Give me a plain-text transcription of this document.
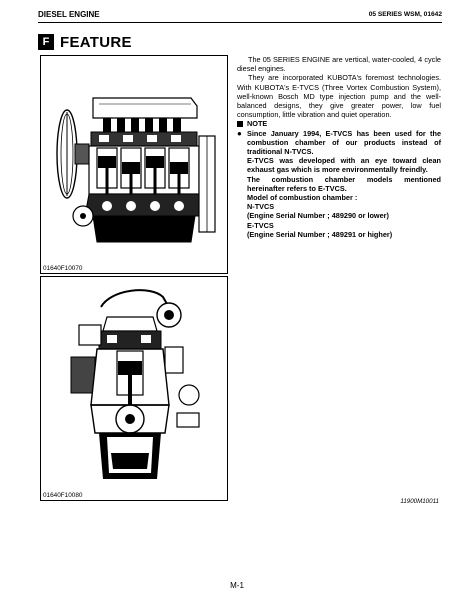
DIESEL ENGINE	05 SERIES WSM, 01642
F FEATURE
01640F10070
01640F10080

The 05 SERIES ENGINE are vertical, water-cooled, 4 cycle diesel engines.

They are incorporated KUBOTA's foremost technologies. With KUBOTA's E-TVCS (Three Vortex Combustion System), well-known Bosch MD type injection pump and the well-balanced designs, they give greater power, low fuel consumption, little vibration and quiet operation.

NOTE
● Since January 1994, E-TVCS has been used for the combustion chamber of our products instead of traditional N-TVCS.

E-TVCS was developed with an eye toward clean exhaust gas which is more environmentally freindly.

The combustion chamber models mentioned hereinafter refers to E-TVCS.

Model of combustion chamber :

N-TVCS

(Engine Serial Number ; 489290 or lower)

E-TVCS

(Engine Serial Number ; 489291 or higher)

11900M10011
M-1
